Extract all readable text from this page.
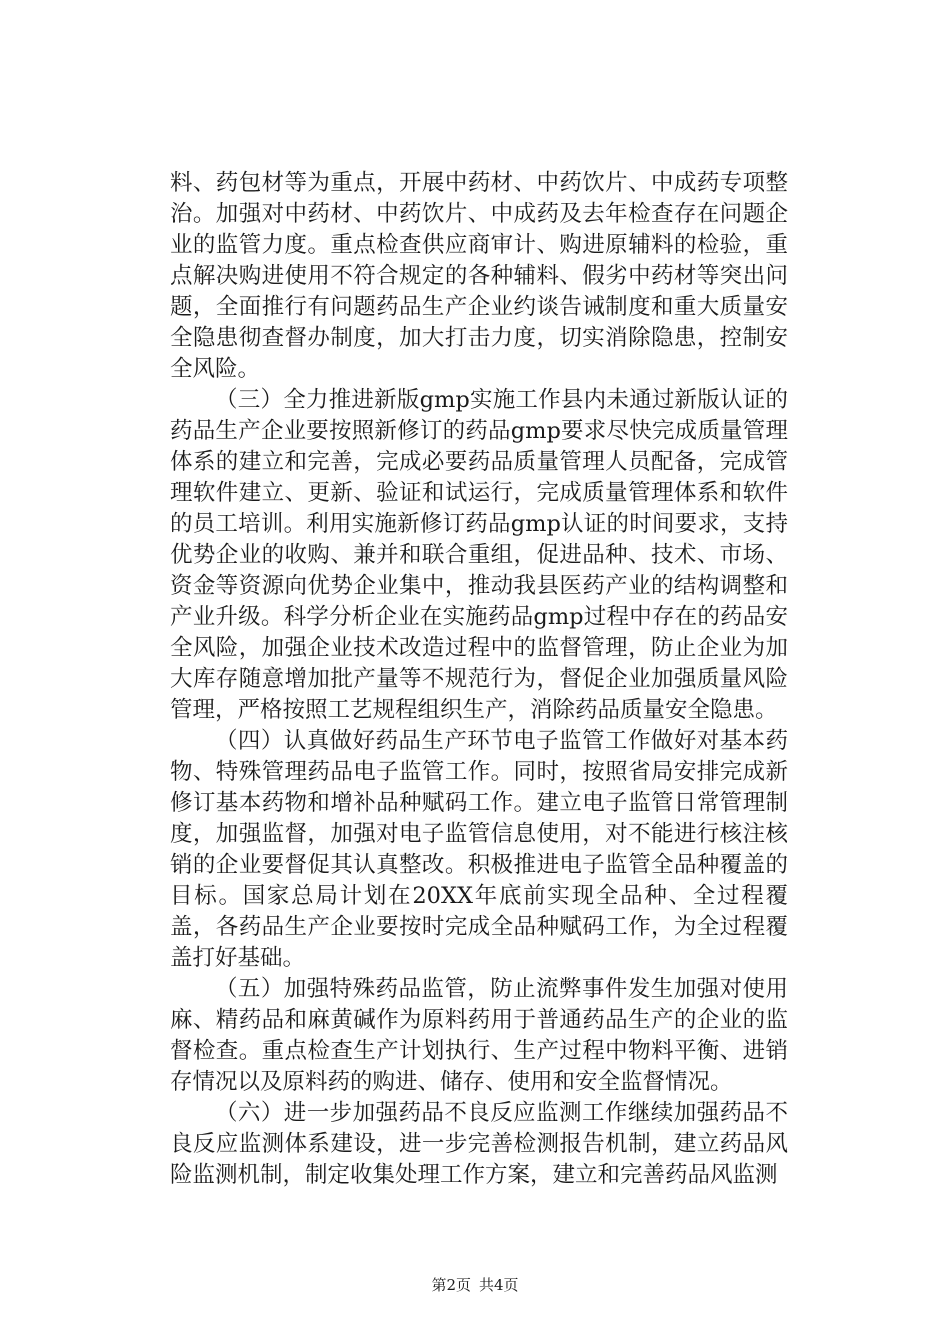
料、药包材等为重点，开展中药材、中药饮片、中成药专项整治。加强对中药材、中药饮片、中成药及去年检查存在问题企业的监管力度。重点检查供应商审计、购进原辅料的检验，重点解决购进使用不符合规定的各种辅料、假劣中药材等突出问题，全面推行有问题药品生产企业约谈告诫制度和重大质量安全隐患彻查督办制度，加大打击力度，切实消除隐患，控制安全风险。

（三）全力推进新版gmp实施工作县内未通过新版认证的药品生产企业要按照新修订的药品gmp要求尽快完成质量管理体系的建立和完善，完成必要药品质量管理人员配备，完成管理软件建立、更新、验证和试运行，完成质量管理体系和软件的员工培训。利用实施新修订药品gmp认证的时间要求，支持优势企业的收购、兼并和联合重组，促进品种、技术、市场、资金等资源向优势企业集中，推动我县医药产业的结构调整和产业升级。科学分析企业在实施药品gmp过程中存在的药品安全风险，加强企业技术改造过程中的监督管理，防止企业为加大库存随意增加批产量等不规范行为，督促企业加强质量风险管理，严格按照工艺规程组织生产，消除药品质量安全隐患。

（四）认真做好药品生产环节电子监管工作做好对基本药物、特殊管理药品电子监管工作。同时，按照省局安排完成新修订基本药物和增补品种赋码工作。建立电子监管日常管理制度，加强监督，加强对电子监管信息使用，对不能进行核注核销的企业要督促其认真整改。积极推进电子监管全品种覆盖的目标。国家总局计划在20XX年底前实现全品种、全过程覆盖，各药品生产企业要按时完成全品种赋码工作，为全过程覆盖打好基础。

（五）加强特殊药品监管，防止流弊事件发生加强对使用麻、精药品和麻黄碱作为原料药用于普通药品生产的企业的监督检查。重点检查生产计划执行、生产过程中物料平衡、进销存情况以及原料药的购进、储存、使用和安全监督情况。

（六）进一步加强药品不良反应监测工作继续加强药品不良反应监测体系建设，进一步完善检测报告机制，建立药品风险监测机制，制定收集处理工作方案，建立和完善药品风监测

第2页 共4页
